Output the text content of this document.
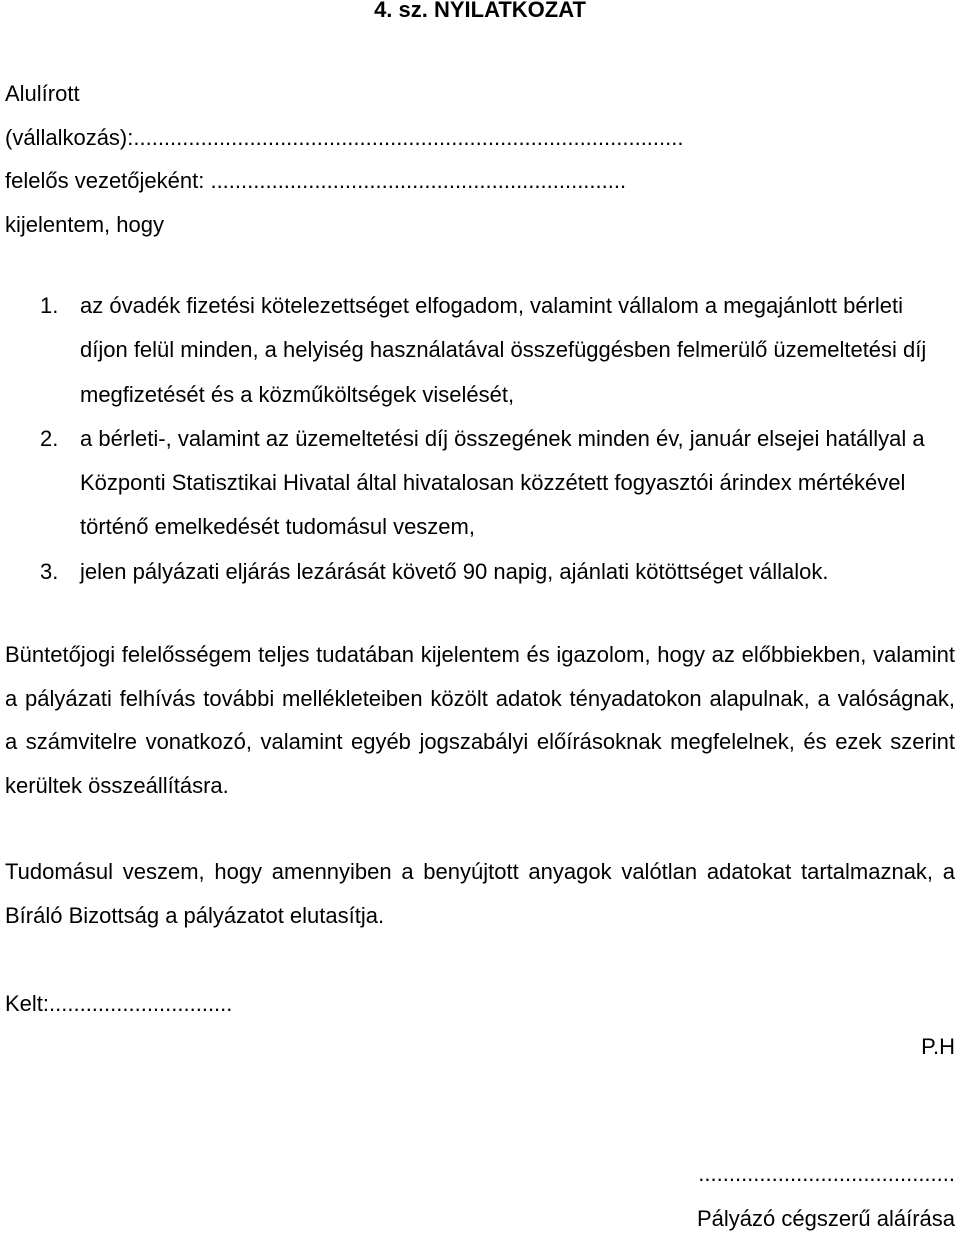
4. sz. NYILATKOZAT
Alulírott
(vállalkozás):..........................................................................................
felelős vezetőjeként: ....................................................................
kijelentem, hogy
1. az óvadék fizetési kötelezettséget elfogadom, valamint vállalom a megajánlott bérleti díjon felül minden, a helyiség használatával összefüggésben felmerülő üzemeltetési díj megfizetését és a közműköltségek viselését,
2. a bérleti-, valamint az üzemeltetési díj összegének minden év, január elsejei hatállyal a Központi Statisztikai Hivatal által hivatalosan közzétett fogyasztói árindex mértékével történő emelkedését tudomásul veszem,
3. jelen pályázati eljárás lezárását követő 90 napig, ajánlati kötöttséget vállalok.

Büntetőjogi felelősségem teljes tudatában kijelentem és igazolom, hogy az előbbiekben, valamint a pályázati felhívás további mellékleteiben közölt adatok tényadatokon alapulnak, a valóságnak, a számvitelre vonatkozó, valamint egyéb jogszabályi előírásoknak megfelelnek, és ezek szerint kerültek összeállításra.

Tudomásul veszem, hogy amennyiben a benyújtott anyagok valótlan adatokat tartalmaznak, a Bíráló Bizottság a pályázatot elutasítja.

Kelt:..............................
P.H
..........................................
Pályázó cégszerű aláírása
